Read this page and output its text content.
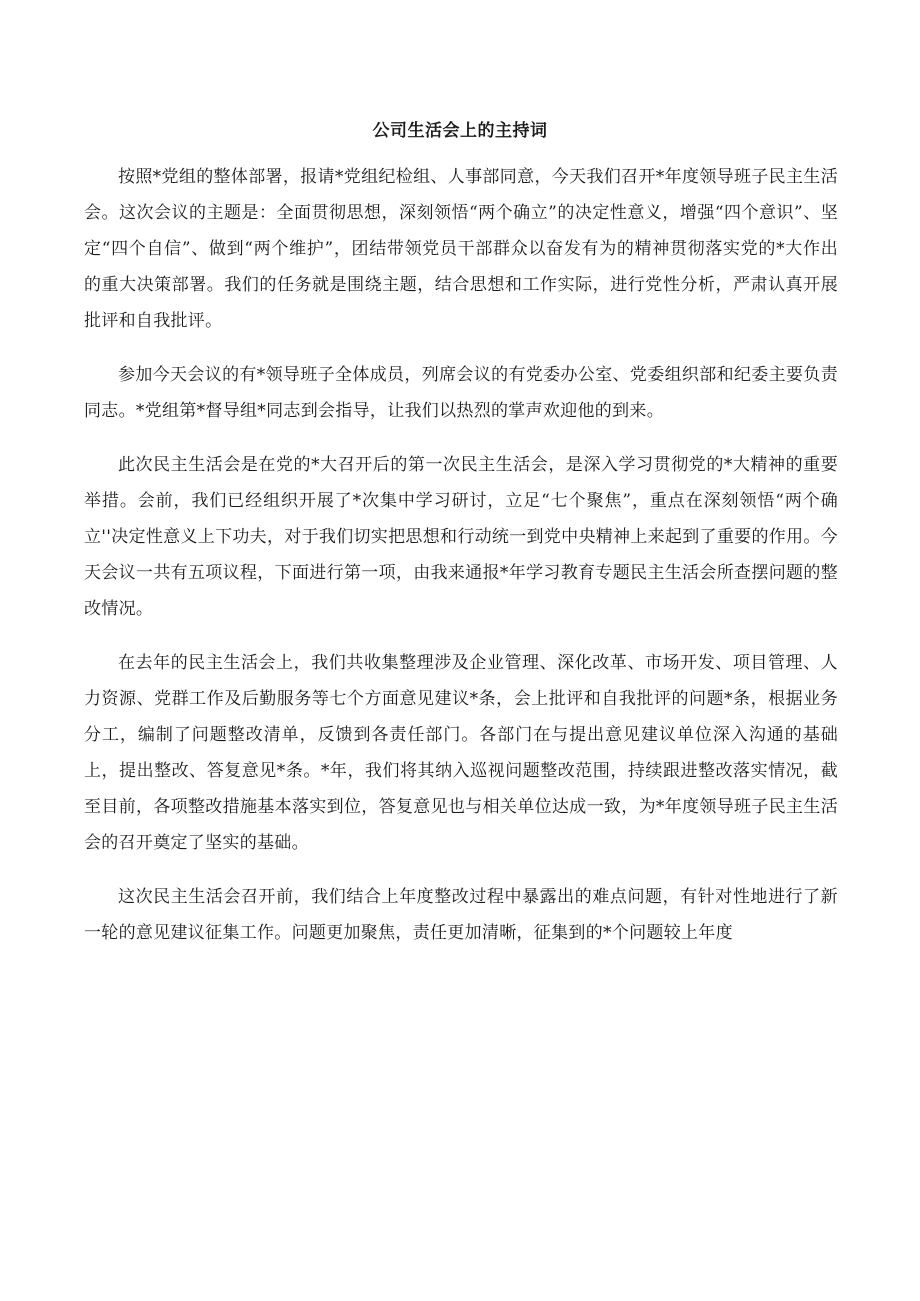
公司生活会上的主持词

按照*党组的整体部署，报请*党组纪检组、人事部同意，今天我们召开*年度领导班子民主生活会。这次会议的主题是：全面贯彻思想，深刻领悟“两个确立”的决定性意义，增强“四个意识”、坚定“四个自信”、做到“两个维护”，团结带领党员干部群众以奋发有为的精神贯彻落实党的*大作出的重大决策部署。我们的任务就是围绕主题，结合思想和工作实际，进行党性分析，严肃认真开展批评和自我批评。

参加今天会议的有*领导班子全体成员，列席会议的有党委办公室、党委组织部和纪委主要负责同志。*党组第*督导组*同志到会指导，让我们以热烈的掌声欢迎他的到来。

此次民主生活会是在党的*大召开后的第一次民主生活会，是深入学习贯彻党的*大精神的重要举措。会前，我们已经组织开展了*次集中学习研讨，立足“七个聚焦”，重点在深刻领悟“两个确立''决定性意义上下功夫，对于我们切实把思想和行动统一到党中央精神上来起到了重要的作用。今天会议一共有五项议程，下面进行第一项，由我来通报*年学习教育专题民主生活会所查摆问题的整改情况。

在去年的民主生活会上，我们共收集整理涉及企业管理、深化改革、市场开发、项目管理、人力资源、党群工作及后勤服务等七个方面意见建议*条，会上批评和自我批评的问题*条，根据业务分工，编制了问题整改清单，反馈到各责任部门。各部门在与提出意见建议单位深入沟通的基础上，提出整改、答复意见*条。*年，我们将其纳入巡视问题整改范围，持续跟进整改落实情况，截至目前，各项整改措施基本落实到位，答复意见也与相关单位达成一致，为*年度领导班子民主生活会的召开奠定了坚实的基础。

这次民主生活会召开前，我们结合上年度整改过程中暴露出的难点问题，有针对性地进行了新一轮的意见建议征集工作。问题更加聚焦，责任更加清晰，征集到的*个问题较上年度
